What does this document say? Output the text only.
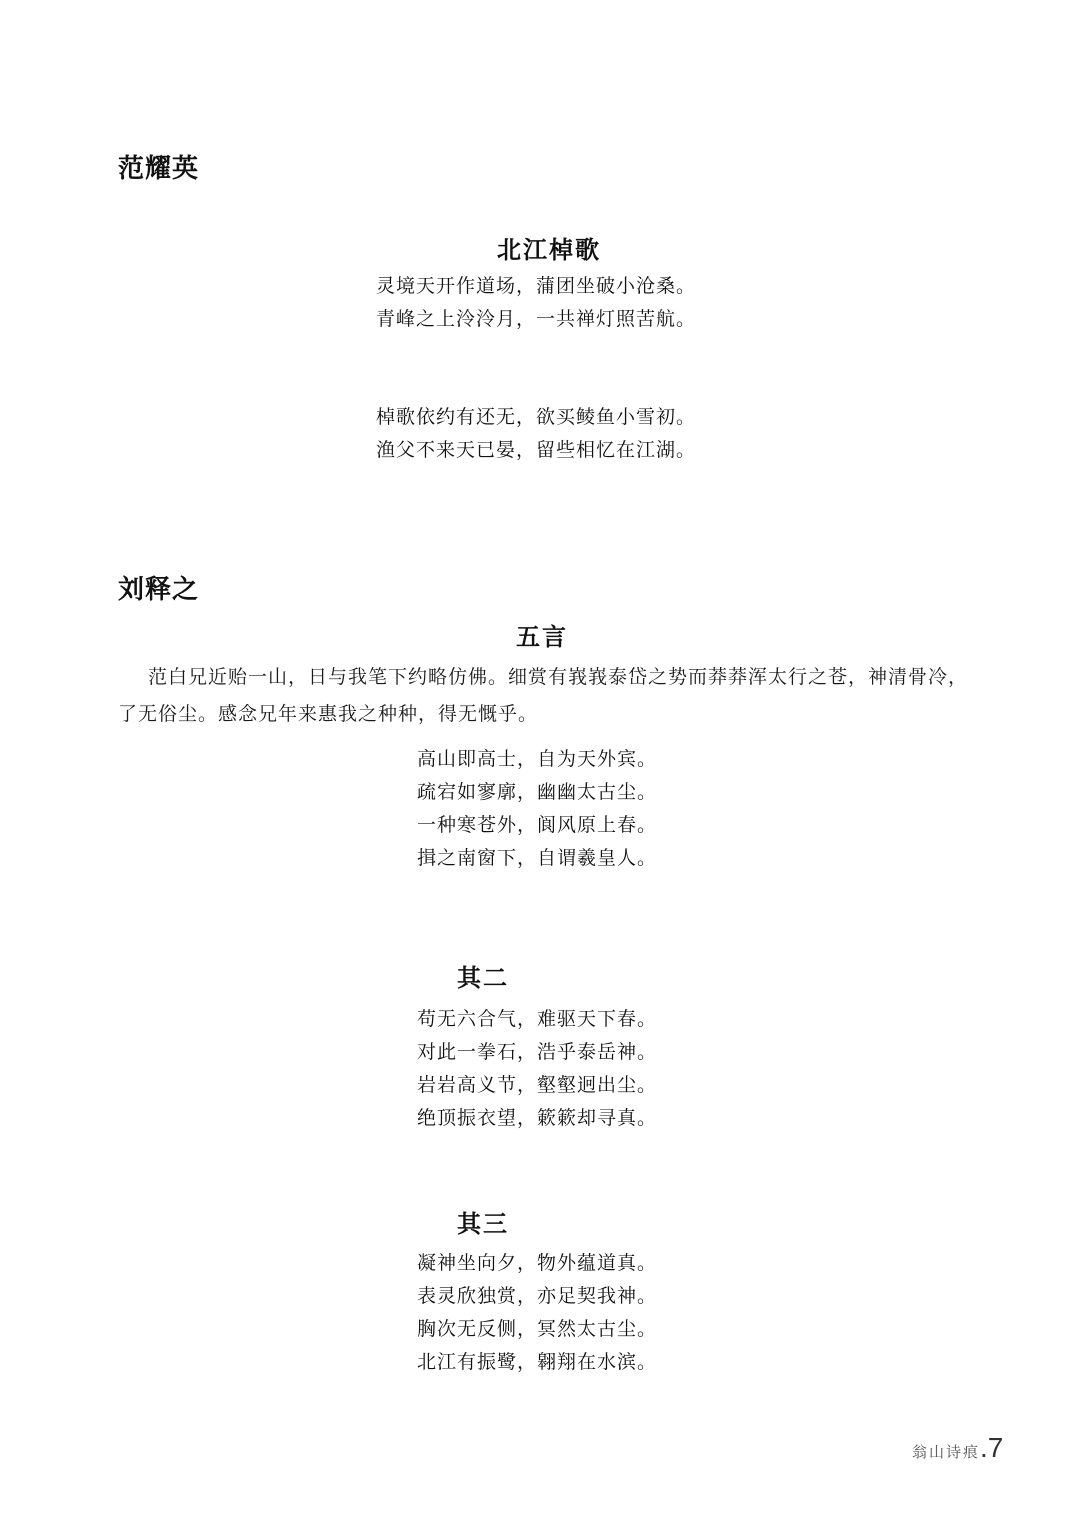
范耀英
北江棹歌
灵境天开作道场，蒲团坐破小沧桑。
青峰之上泠泠月，一共禅灯照苦航。
棹歌依约有还无，欲买鲮鱼小雪初。
渔父不来天已晏，留些相忆在江湖。
刘释之
五言
范白兄近贻一山，日与我笔下约略仿佛。细赏有峩峩泰岱之势而莽莽浑太行之苍，神清骨冷，
了无俗尘。感念兄年来惠我之种种，得无慨乎。
高山即高士，自为天外宾。
疏宕如寥廓，幽幽太古尘。
一种寒苍外，阆风原上春。
揖之南窗下，自谓羲皇人。
其二
苟无六合气，难驱天下春。
对此一拳石，浩乎泰岳神。
岩岩高义节，壑壑迥出尘。
绝顶振衣望，簌簌却寻真。
其三
凝神坐向夕，物外蕴道真。
表灵欣独赏，亦足契我神。
胸次无反侧，冥然太古尘。
北江有振鹭，翱翔在水滨。
翁山诗痕.7
